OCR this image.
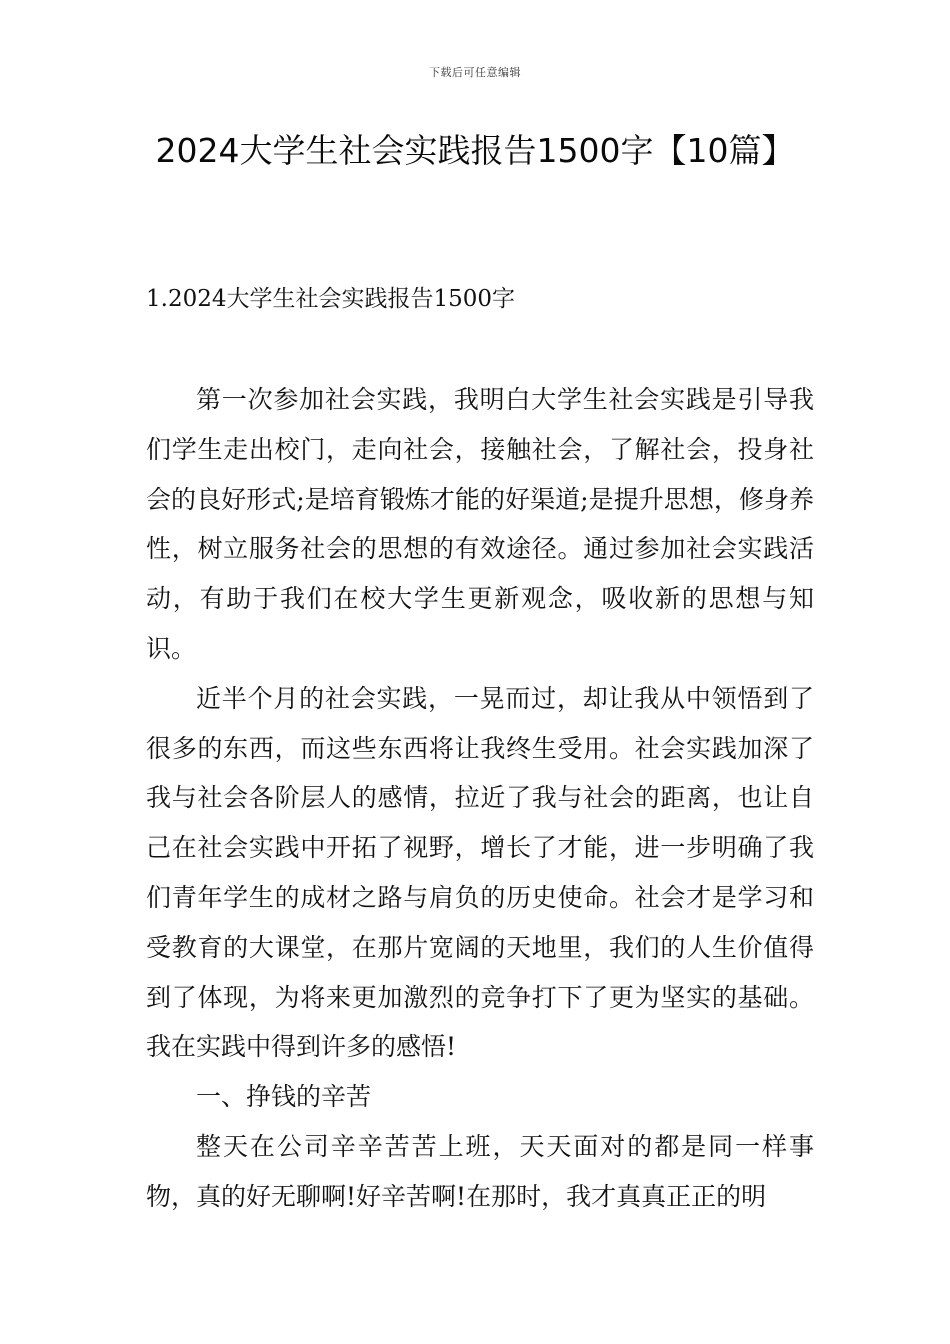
下载后可任意编辑
2024大学生社会实践报告1500字【10篇】
1.2024大学生社会实践报告1500字

第一次参加社会实践，我明白大学生社会实践是引导我们学生走出校门，走向社会，接触社会，了解社会，投身社会的良好形式;是培育锻炼才能的好渠道;是提升思想，修身养性，树立服务社会的思想的有效途径。通过参加社会实践活动，有助于我们在校大学生更新观念，吸收新的思想与知识。

近半个月的社会实践，一晃而过，却让我从中领悟到了很多的东西，而这些东西将让我终生受用。社会实践加深了我与社会各阶层人的感情，拉近了我与社会的距离，也让自己在社会实践中开拓了视野，增长了才能，进一步明确了我们青年学生的成材之路与肩负的历史使命。社会才是学习和受教育的大课堂，在那片宽阔的天地里，我们的人生价值得到了体现，为将来更加激烈的竞争打下了更为坚实的基础。我在实践中得到许多的感悟!

一、挣钱的辛苦

整天在公司辛辛苦苦上班，天天面对的都是同一样事物，真的好无聊啊!好辛苦啊!在那时，我才真真正正的明
